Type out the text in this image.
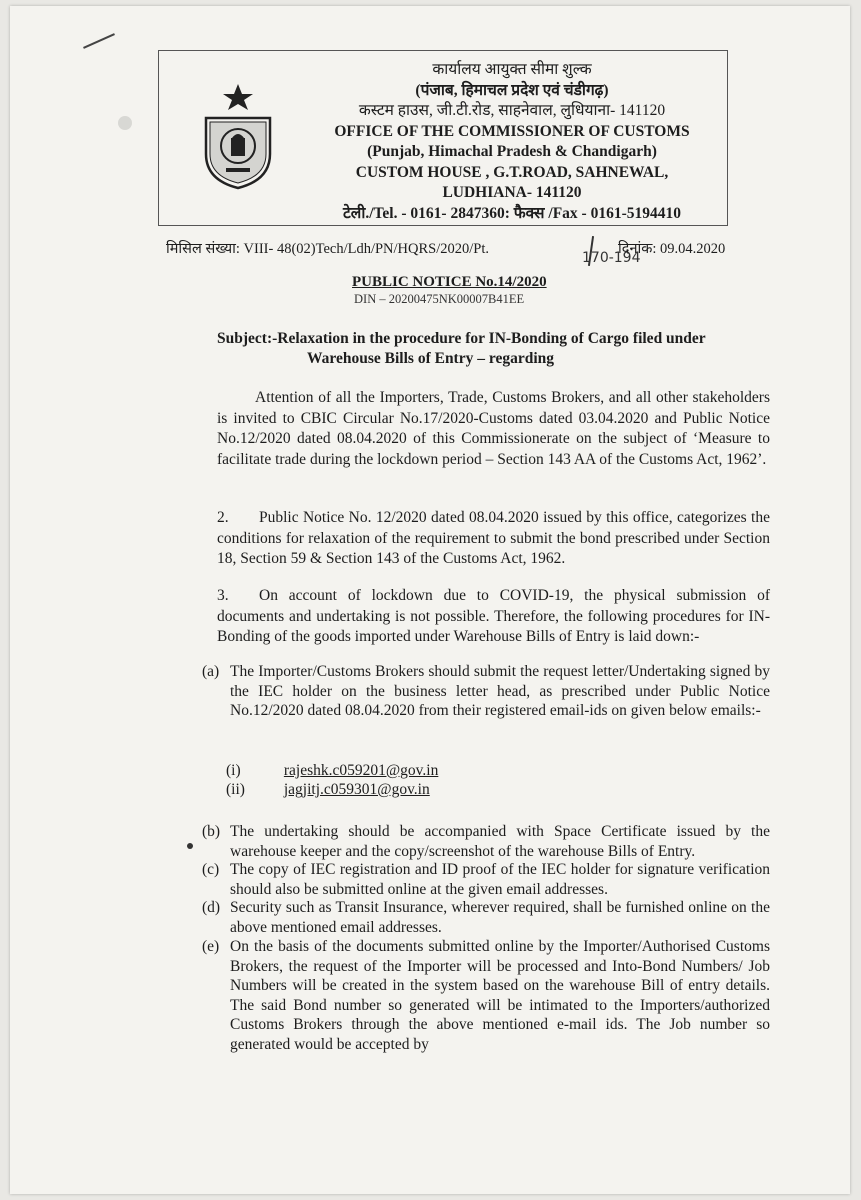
कार्यालय आयुक्त सीमा शुल्क
(पंजाब, हिमाचल प्रदेश एवं चंडीगढ़)
कस्टम हाउस, जी.टी.रोड, साहनेवाल, लुधियाना- 141120
OFFICE OF THE COMMISSIONER OF CUSTOMS
(Punjab, Himachal Pradesh & Chandigarh)
CUSTOM HOUSE , G.T.ROAD, SAHNEWAL,
LUDHIANA- 141120
टेली./Tel. - 0161- 2847360: फैक्स /Fax - 0161-5194410
मिसिल संख्या: VIII- 48(02)Tech/Ldh/PN/HQRS/2020/Pt.
170-194
दिनांक: 09.04.2020
PUBLIC NOTICE No.14/2020
DIN – 20200475NK00007B41EE
Subject:-Relaxation in the procedure for IN-Bonding of Cargo filed under
Warehouse Bills of Entry – regarding
Attention of all the Importers, Trade, Customs Brokers, and all other stakeholders is invited to CBIC Circular No.17/2020-Customs dated 03.04.2020 and Public Notice No.12/2020 dated 08.04.2020 of this Commissionerate on the subject of ‘Measure to facilitate trade during the lockdown period – Section 143 AA of the Customs Act, 1962’.
2. Public Notice No. 12/2020 dated 08.04.2020 issued by this office, categorizes the conditions for relaxation of the requirement to submit the bond prescribed under Section 18, Section 59 & Section 143 of the Customs Act, 1962.
3. On account of lockdown due to COVID-19, the physical submission of documents and undertaking is not possible. Therefore, the following procedures for IN-Bonding of the goods imported under Warehouse Bills of Entry is laid down:-
(a) The Importer/Customs Brokers should submit the request letter/Undertaking signed by the IEC holder on the business letter head, as prescribed under Public Notice No.12/2020 dated 08.04.2020 from their registered email-ids on given below emails:-
(i)	rajeshk.c059201@gov.in
(ii)	jagjitj.c059301@gov.in
(b) The undertaking should be accompanied with Space Certificate issued by the warehouse keeper and the copy/screenshot of the warehouse Bills of Entry.
(c) The copy of IEC registration and ID proof of the IEC holder for signature verification should also be submitted online at the given email addresses.
(d) Security such as Transit Insurance, wherever required, shall be furnished online on the above mentioned email addresses.
(e) On the basis of the documents submitted online by the Importer/Authorised Customs Brokers, the request of the Importer will be processed and Into-Bond Numbers/ Job Numbers will be created in the system based on the warehouse Bill of entry details. The said Bond number so generated will be intimated to the Importers/authorized Customs Brokers through the above mentioned e-mail ids. The Job number so generated would be accepted by
